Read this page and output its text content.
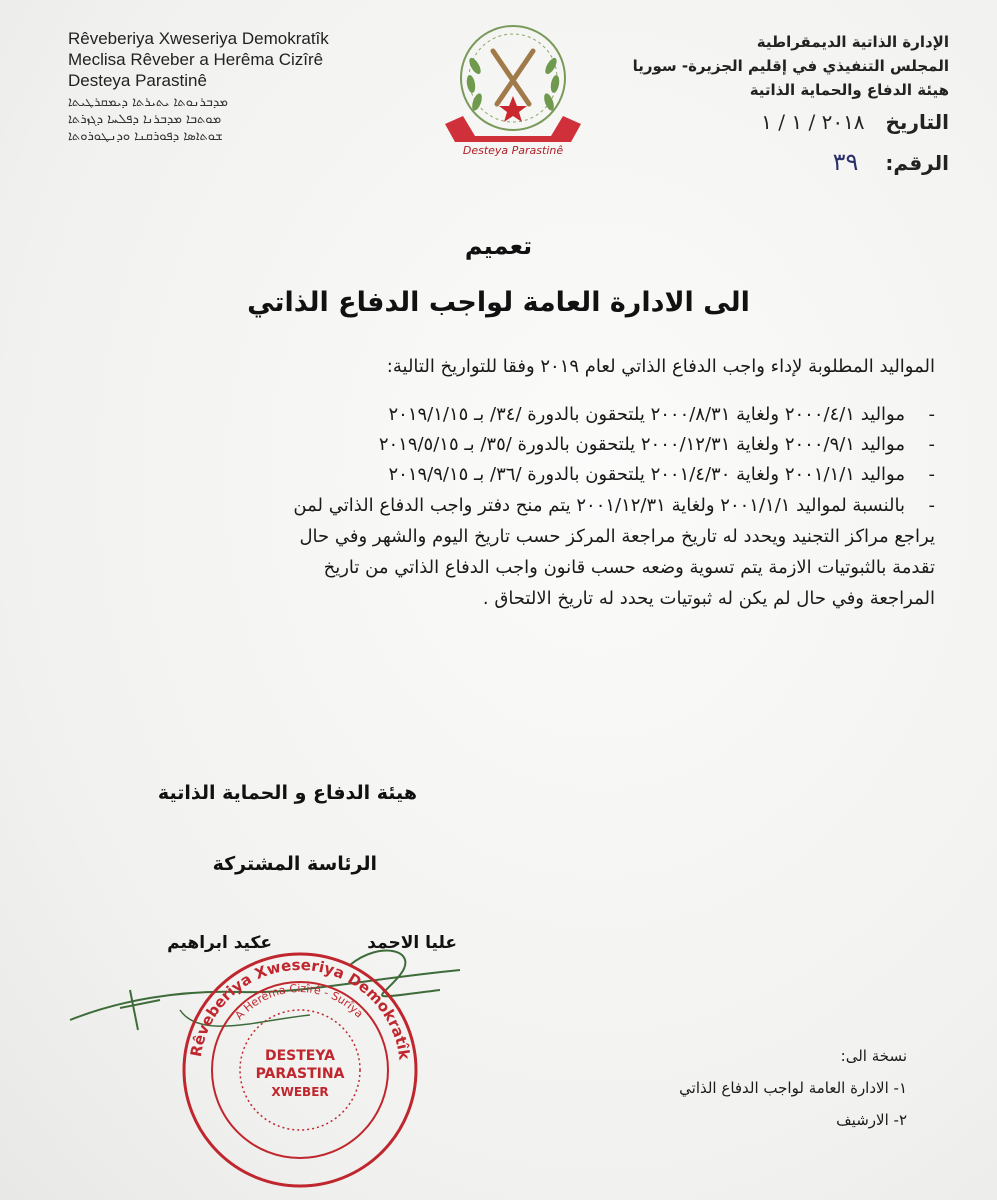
Rêveberiya Xweseriya Demokratîk
Meclisa Rêveber a Herêma Cizîrê
Desteya Parastinê
ܡܕܒܪܢܘܬܐ ܝܬܝܪܬܐ ܕܝܡܩܪܛܝܬܐ
ܡܘܬܒܐ ܡܕܒܪܢܐ ܕܦܠܚܐ ܕܓܙܪܬܐ
ܫܘܬܐܣܐ ܕܦܘܪܩܢܐ ܘܕܢܛܘܪܘܬܐ
Desteya Parastinê
الإدارة الذاتية الديمقراطية
المجلس التنفيذي في إقليم الجزيرة- سوريا
هيئة الدفاع والحماية الذاتية
التاريخ ٢٠١٨ / ١ / ١
الرقم: ٣٩
تعميم
الى الادارة العامة لواجب الدفاع الذاتي
المواليد المطلوبة لإداء واجب الدفاع الذاتي لعام ٢٠١٩ وفقا للتواريخ التالية:
- مواليد ٢٠٠٠/٤/١ ولغاية ٢٠٠٠/٨/٣١ يلتحقون بالدورة /٣٤/ بـ ٢٠١٩/١/١٥
- مواليد ٢٠٠٠/٩/١ ولغاية ٢٠٠٠/١٢/٣١ يلتحقون بالدورة /٣٥/ بـ ٢٠١٩/٥/١٥
- مواليد ٢٠٠١/١/١ ولغاية ٢٠٠١/٤/٣٠ يلتحقون بالدورة /٣٦/ بـ ٢٠١٩/٩/١٥
- بالنسبة لمواليد ٢٠٠١/١/١ ولغاية ٢٠٠١/١٢/٣١ يتم منح دفتر واجب الدفاع الذاتي لمن
يراجع مراكز التجنيد ويحدد له تاريخ مراجعة المركز حسب تاريخ اليوم والشهر وفي حال
تقدمة بالثبوتيات الازمة يتم تسوية وضعه حسب قانون واجب الدفاع الذاتي من تاريخ
المراجعة وفي حال لم يكن له ثبوتيات يحدد له تاريخ الالتحاق .
هيئة الدفاع و الحماية الذاتية
الرئاسة المشتركة
عليا الاحمد
عكيد ابراهيم
Rêveberiya Xweseriya Demokratîk
A Herêma Cizîrê - Surîya
DESTEYA
PARASTINA
XWEBER
نسخة الى:
١- الادارة العامة لواجب الدفاع الذاتي
٢- الارشيف
